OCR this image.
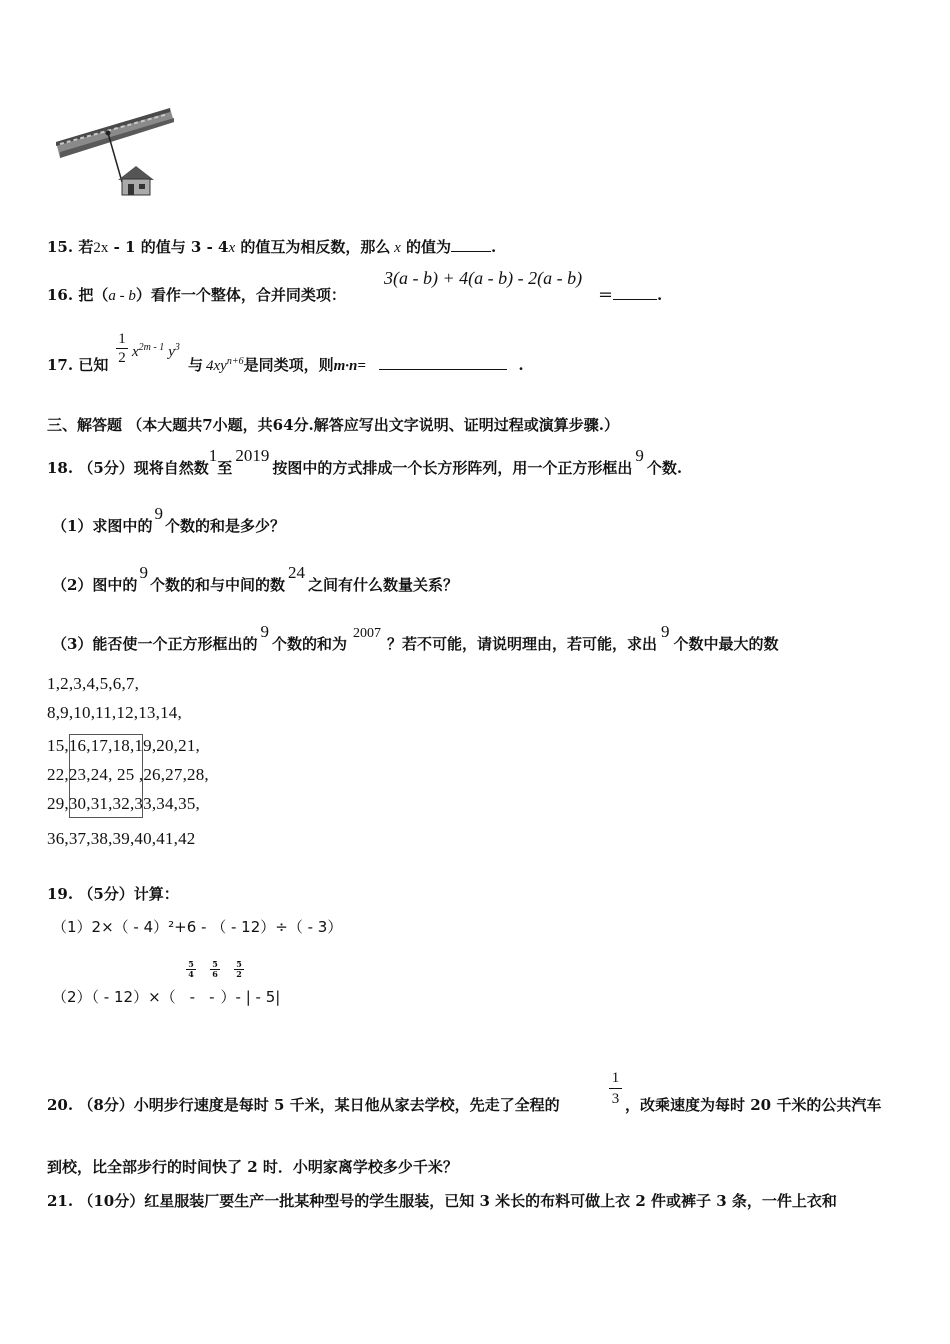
15. 若2x - 1 的值与 3 - 4x 的值互为相反数，那么 x 的值为	.
16. 把（a - b）看作一个整体，合并同类项：
3(a - b) + 4(a - b) - 2(a - b)
＝	.
17. 已知
1
2 $x^{2m - 1}$ $y^3$
与 $4xy^{n+6}$是同类项，则m·n=	.
三、解答题 （本大题共7小题，共64分.解答应写出文字说明、证明过程或演算步骤.）
18. （5分）现将自然数$^1$至$^{2019}$按图中的方式排成一个长方形阵列，用一个正方形框出$^9$个数.
（1）求图中的$^9$个数的和是多少？
（2）图中的$^9$个数的和与中间的数$^{24}$之间有什么数量关系？
（3）能否使一个正方形框出的$^9$个数的和为$^{2007}$？若不可能，请说明理由，若可能，求出$^9$个数中最大的数
1,2,3,4,5,6,7,
8,9,10,11,12,13,14,
15,16,17,18,19,20,21,
22,23,24, 25 ,26,27,28,
29,30,31,32,33,34,35,
36,37,38,39,40,41,42
19. （5分）计算：
（1）2×（ - 4）²+6 - （ - 12）÷（ - 3）
5
4
5
6
5
2
（2）（ - 12）×（ - - ）- | - 5|
20. （8分）小明步行速度是每时 5 千米，某日他从家去学校，先走了全程的
1
3 ，改乘速度为每时 20 千米的公共汽车
到校，比全部步行的时间快了 2 时．小明家离学校多少千米？
21. （10分）红星服装厂要生产一批某种型号的学生服装，已知 3 米长的布料可做上衣 2 件或裤子 3 条，一件上衣和
